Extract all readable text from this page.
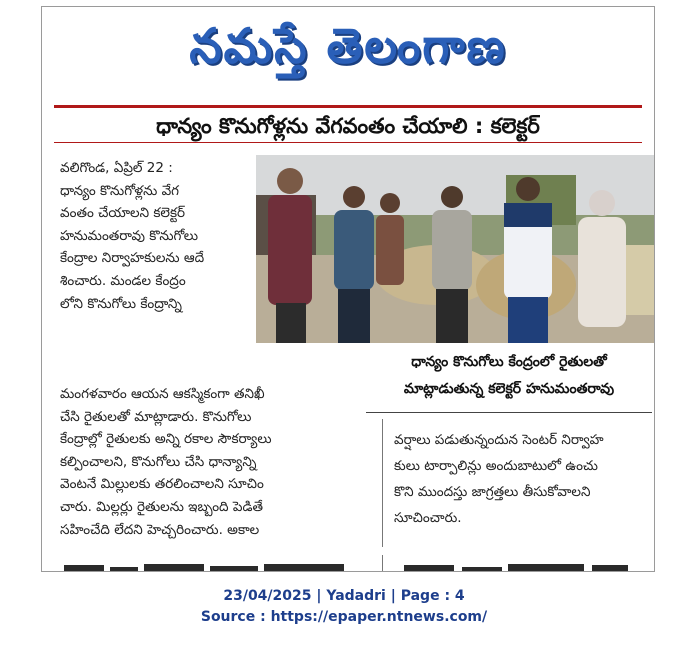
నమస్తే తెలంగాణ
ధాన్యం కొనుగోళ్లను వేగవంతం చేయాలి : కలెక్టర్
వలిగొండ, ఏప్రిల్ 22 :
ధాన్యం కొనుగోళ్లను వేగ
వంతం చేయాలని కలెక్టర్
హనుమంతరావు కొనుగోలు
కేంద్రాల నిర్వాహకులను ఆదే
శించారు. మండల కేంద్రం
లోని కొనుగోలు కేంద్రాన్ని
ధాన్యం కొనుగోలు కేంద్రంలో రైతులతో
మాట్లాడుతున్న కలెక్టర్ హనుమంతరావు
మంగళవారం ఆయన ఆకస్మికంగా తనిఖీ
చేసి రైతులతో మాట్లాడారు. కొనుగోలు
కేంద్రాల్లో రైతులకు అన్ని రకాల సౌకర్యాలు
కల్పించాలని, కొనుగోలు చేసి ధాన్యాన్ని
వెంటనే మిల్లులకు తరలించాలని సూచిం
చారు. మిల్లర్లు రైతులను ఇబ్బంది పెడితే
సహించేది లేదని హెచ్చరించారు. అకాల
వర్షాలు పడుతున్నందున సెంటర్ నిర్వాహ
కులు టార్పాలిన్లు అందుబాటులో ఉంచు
కొని ముందస్తు జాగ్రత్తలు తీసుకోవాలని
సూచించారు.
23/04/2025 | Yadadri | Page : 4
Source : https://epaper.ntnews.com/
